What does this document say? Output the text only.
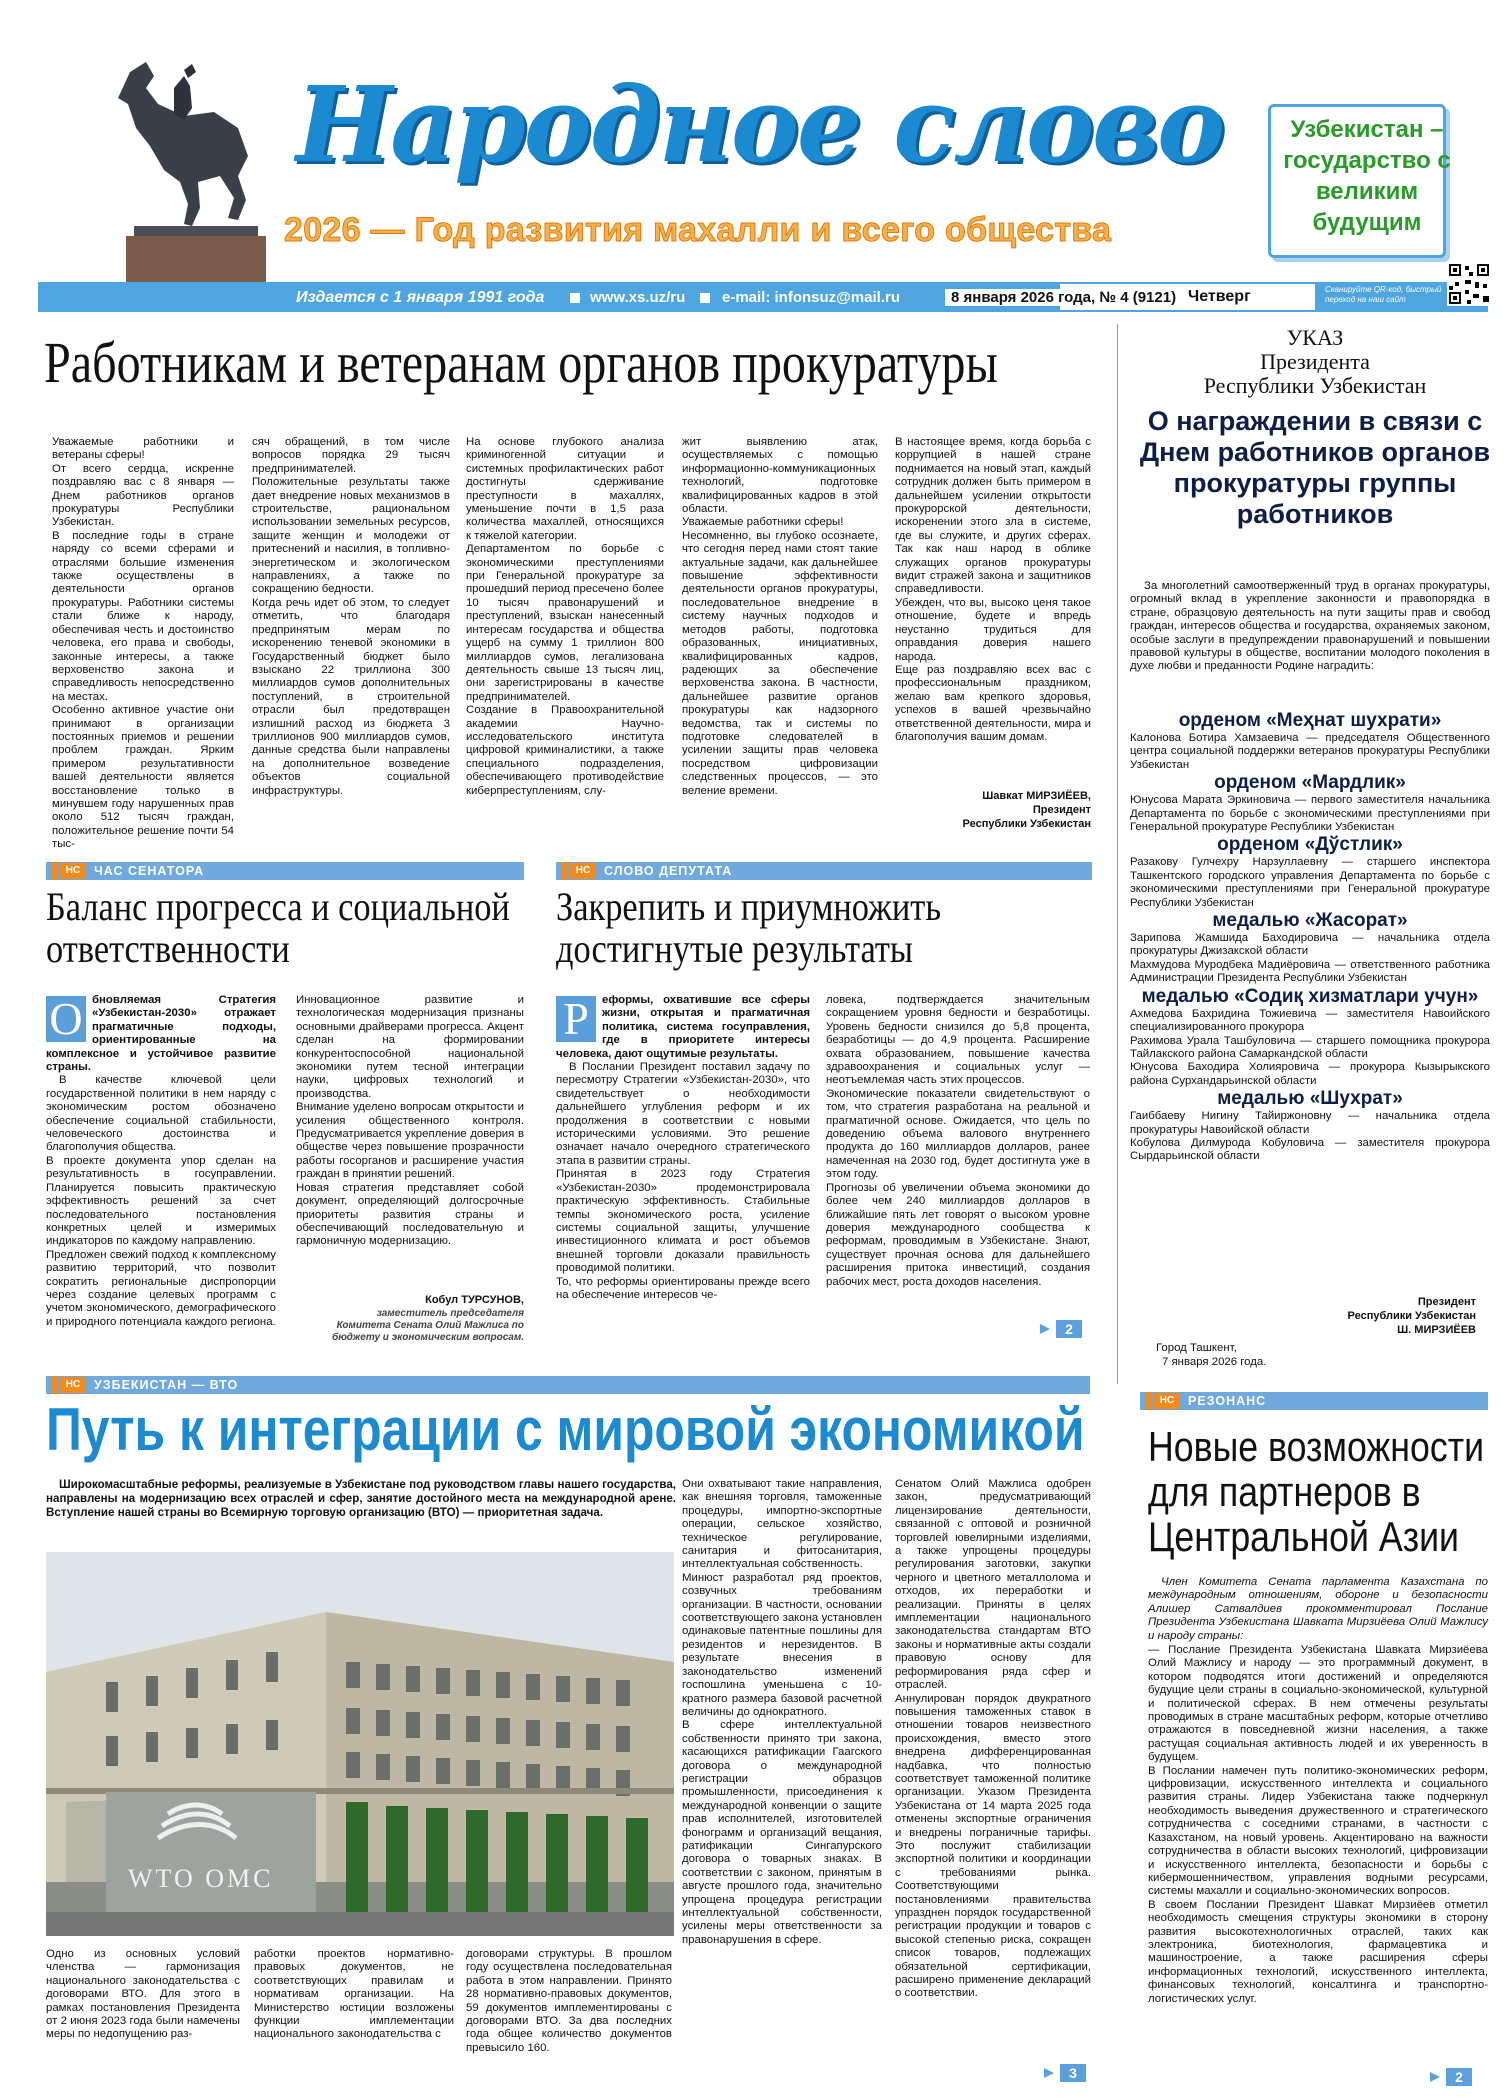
Народное слово
2026 — Год развития махалли и всего общества
Узбекистан – государство с великим будущим
Издается с 1 января 1991 года	www.xs.uz/ru e-mail: infonsuz@mail.ru	8 января 2026 года, № 4 (9121) Четверг	Сканируйте QR-код, быстрый переход на наш сайт
Работникам и ветеранам органов прокуратуры
Уважаемые работники и ветераны сферы!
От всего сердца, искренне поздравляю вас с 8 января — Днем работников органов прокуратуры Республики Узбекистан.
В последние годы в стране наряду со всеми сферами и отраслями большие изменения также осуществлены в деятельности органов прокуратуры. Работники системы стали ближе к народу, обеспечивая честь и достоинство человека, его права и свободы, законные интересы, а также верховенство закона и справедливость непосредственно на местах.
Особенно активное участие они принимают в организации постоянных приемов и решении проблем граждан. Ярким примером результативности вашей деятельности является восстановление только в минувшем году нарушенных прав около 512 тысяч граждан, положительное решение почти 54 тыс-
сяч обращений, в том числе вопросов порядка 29 тысяч предпринимателей.
Положительные результаты также дает внедрение новых механизмов в строительстве, рациональном использовании земельных ресурсов, защите женщин и молодежи от притеснений и насилия, в топливно-энергетическом и экологическом направлениях, а также по сокращению бедности.
Когда речь идет об этом, то следует отметить, что благодаря предпринятым мерам по искоренению теневой экономики в Государственный бюджет было взыскано 22 триллиона 300 миллиардов сумов дополнительных поступлений, в строительной отрасли был предотвращен излишний расход из бюджета 3 триллионов 900 миллиардов сумов, данные средства были направлены на дополнительное возведение объектов социальной инфраструктуры.
На основе глубокого анализа криминогенной ситуации и системных профилактических работ достигнуты сдерживание преступности в махаллях, уменьшение почти в 1,5 раза количества махаллей, относящихся к тяжелой категории.
Департаментом по борьбе с экономическими преступлениями при Генеральной прокуратуре за прошедший период пресечено более 10 тысяч правонарушений и преступлений, взыскан нанесенный интересам государства и общества ущерб на сумму 1 триллион 800 миллиардов сумов, легализована деятельность свыше 13 тысяч лиц, они зарегистрированы в качестве предпринимателей.
Создание в Правоохранительной академии Научно-исследовательского института цифровой криминалистики, а также специального подразделения, обеспечивающего противодействие киберпреступлениям, слу-
жит выявлению атак, осуществляемых с помощью информационно-коммуникационных технологий, подготовке квалифицированных кадров в этой области.
Уважаемые работники сферы!
Несомненно, вы глубоко осознаете, что сегодня перед нами стоят такие актуальные задачи, как дальнейшее повышение эффективности деятельности органов прокуратуры, последовательное внедрение в систему научных подходов и методов работы, подготовка образованных, инициативных, квалифицированных кадров, радеющих за обеспечение верховенства закона. В частности, дальнейшее развитие органов прокуратуры как надзорного ведомства, так и системы по подготовке следователей в усилении защиты прав человека посредством цифровизации следственных процессов, — это веление времени.
В настоящее время, когда борьба с коррупцией в нашей стране поднимается на новый этап, каждый сотрудник должен быть примером в дальнейшем усилении открытости прокурорской деятельности, искоренении этого зла в системе, где вы служите, и других сферах. Так как наш народ в облике служащих органов прокуратуры видит стражей закона и защитников справедливости.
Убежден, что вы, высоко ценя такое отношение, будете и впредь неустанно трудиться для оправдания доверия нашего народа.
Еще раз поздравляю всех вас с профессиональным праздником, желаю вам крепкого здоровья, успехов в вашей чрезвычайно ответственной деятельности, мира и благополучия вашим домам.
Шавкат МИРЗИЁЕВ,
Президент
Республики Узбекистан
НС	ЧАС СЕНАТОРА
Баланс прогресса и социальной ответственности
О бновляемая Стратегия «Узбекистан-2030» отражает прагматичные подходы, ориентированные на комплексное и устойчивое развитие страны.
В качестве ключевой цели государственной политики в нем наряду с экономическим ростом обозначено обеспечение социальной стабильности, человеческого достоинства и благополучия общества.
В проекте документа упор сделан на результативность в госуправлении. Планируется повысить практическую эффективность решений за счет последовательного постановления конкретных целей и измеримых индикаторов по каждому направлению.
Предложен свежий подход к комплексному развитию территорий, что позволит сократить региональные диспропорции через создание целевых программ с учетом экономического, демографического и природного потенциала каждого региона.
Инновационное развитие и технологическая модернизация признаны основными драйверами прогресса. Акцент сделан на формировании конкурентоспособной национальной экономики путем тесной интеграции науки, цифровых технологий и производства.
Внимание уделено вопросам открытости и усиления общественного контроля. Предусматривается укрепление доверия в обществе через повышение прозрачности работы госорганов и расширение участия граждан в принятии решений.
Новая стратегия представляет собой документ, определяющий долгосрочные приоритеты развития страны и обеспечивающий последовательную и гармоничную модернизацию.
Кобул ТУРСУНОВ,
заместитель председателя Комитета Сената Олий Мажлиса по бюджету и экономическим вопросам.
НС	СЛОВО ДЕПУТАТА
Закрепить и приумножить достигнутые результаты
Р	еформы, охватившие все сферы жизни, открытая и прагматичная политика, система госуправления, где в приоритете интересы человека, дают ощутимые результаты.
В Послании Президент поставил задачу по пересмотру Стратегии «Узбекистан-2030», что свидетельствует о необходимости дальнейшего углубления реформ и их продолжения в соответствии с новыми историческими условиями. Это решение означает начало очередного стратегического этапа в развитии страны.
Принятая в 2023 году Стратегия «Узбекистан-2030» продемонстрировала практическую эффективность. Стабильные темпы экономического роста, усиление системы социальной защиты, улучшение инвестиционного климата и рост объемов внешней торговли доказали правильность проводимой политики.
То, что реформы ориентированы прежде всего на обеспечение интересов че-
ловека, подтверждается значительным сокращением уровня бедности и безработицы. Уровень бедности снизился до 5,8 процента, безработицы — до 4,9 процента. Расширение охвата образованием, повышение качества здравоохранения и социальных услуг — неотъемлемая часть этих процессов.
Экономические показатели свидетельствуют о том, что стратегия разработана на реальной и прагматичной основе. Ожидается, что цель по доведению объема валового внутреннего продукта до 160 миллиардов долларов, ранее намеченная на 2030 год, будет достигнута уже в этом году.
Прогнозы об увеличении объема экономики до более чем 240 миллиардов долларов в ближайшие пять лет говорят о высоком уровне доверия международного сообщества к реформам, проводимым в Узбекистане. Знают, существует прочная основа для дальнейшего расширения притока инвестиций, создания рабочих мест, роста доходов населения.
2
УКАЗ
Президента
Республики Узбекистан
О награждении в связи с Днем работников органов прокуратуры группы работников
За многолетний самоотверженный труд в органах прокуратуры, огромный вклад в укрепление законности и правопорядка в стране, образцовую деятельность на пути защиты прав и свобод граждан, интересов общества и государства, охраняемых законом, особые заслуги в предупреждении правонарушений и повышении правовой культуры в обществе, воспитании молодого поколения в духе любви и преданности Родине наградить:
орденом «Меҳнат шухрати»
Калонова Ботира Хамзаевича — председателя Общественного центра социальной поддержки ветеранов прокуратуры Республики Узбекистан
орденом «Мардлик»
Юнусова Марата Эркиновича — первого заместителя начальника Департамента по борьбе с экономическими преступлениями при Генеральной прокуратуре Республики Узбекистан
орденом «Дўстлик»
Разакову Гулчехру Нарзуллаевну — старшего инспектора Ташкентского городского управления Департамента по борьбе с экономическими преступлениями при Генеральной прокуратуре Республики Узбекистан
медалью «Жасорат»
Зарипова Жамшида Баходировича — начальника отдела прокуратуры Джизакской области
Махмудова Муродбека Мадиёровича — ответственного работника Администрации Президента Республики Узбекистан
медалью «Содиқ хизматлари учун»
Ахмедова Бахридина Тожиевича — заместителя Навоийского специализированного прокурора
Рахимова Урала Ташбуловича — старшего помощника прокурора Тайлакского района Самаркандской области
Юнусова Баходира Холияровича — прокурора Кызырыкского района Сурхандарьинской области
медалью «Шухрат»
Гаиббаеву Нигину Тайиржоновну — начальника отдела прокуратуры Навоийской области
Кобулова Дилмурода Кобуловича — заместителя прокурора Сырдарьинской области
Президент
Республики Узбекистан
Ш. МИРЗИЁЕВ
Город Ташкент,
7 января 2026 года.
НС	УЗБЕКИСТАН — ВТО
Путь к интеграции с мировой экономикой
Широкомасштабные реформы, реализуемые в Узбекистане под руководством главы нашего государства, направлены на модернизацию всех отраслей и сфер, занятие достойного места на международной арене. Вступление нашей страны во Всемирную торговую организацию (ВТО) — приоритетная задача.
WTO OMC
Одно из основных условий членства — гармонизация национального законодательства с договорами ВТО. Для этого в рамках постановления Президента от 2 июня 2023 года были намечены меры по недопущению раз-
работки проектов нормативно-правовых документов, не соответствующих правилам и нормативам организации. На Министерство юстиции возложены функции имплементации национального законодательства с
договорами структуры. В прошлом году осуществлена последовательная работа в этом направлении. Принято 28 нормативно-правовых документов, 59 документов имплементированы с договорами ВТО. За два последних года общее количество документов превысило 160.
Они охватывают такие направления, как внешняя торговля, таможенные процедуры, импортно-экспортные операции, сельское хозяйство, техническое регулирование, санитария и фитосанитария, интеллектуальная собственность.
Минюст разработал ряд проектов, созвучных требованиям организации. В частности, основании соответствующего закона установлен одинаковые патентные пошлины для резидентов и нерезидентов. В результате внесения в законодательство изменений госпошлина уменьшена с 10-кратного размера базовой расчетной величины до однократного.
В сфере интеллектуальной собственности принято три закона, касающихся ратификации Гаагского договора о международной регистрации образцов промышленности, присоединения к международной конвенции о защите прав исполнителей, изготовителей фонограмм и организаций вещания, ратификации Сингапурского договора о товарных знаках. В соответствии с законом, принятым в августе прошлого года, значительно упрощена процедура регистрации интеллектуальной собственности, усилены меры ответственности за правонарушения в сфере.
Сенатом Олий Мажлиса одобрен закон, предусматривающий лицензирование деятельности, связанной с оптовой и розничной торговлей ювелирными изделиями, а также упрощены процедуры регулирования заготовки, закупки черного и цветного металлолома и отходов, их переработки и реализации. Приняты в целях имплементации национального законодательства стандартам ВТО законы и нормативные акты создали правовую основу для реформирования ряда сфер и отраслей.
Аннулирован порядок двукратного повышения таможенных ставок в отношении товаров неизвестного происхождения, вместо этого внедрена дифференцированная надбавка, что полностью соответствует таможенной политике организации. Указом Президента Узбекистана от 14 марта 2025 года отменены экспортные ограничения и внедрены пограничные тарифы. Это послужит стабилизации экспортной политики и координации с требованиями рынка. Соответствующими постановлениями правительства упразднен порядок государственной регистрации продукции и товаров с высокой степенью риска, сокращен список товаров, подлежащих обязательной сертификации, расширено применение деклараций о соответствии.
3
НС	РЕЗОНАНС
Новые возможности для партнеров в Центральной Азии
Член Комитета Сената парламента Казахстана по международным отношениям, обороне и безопасности Алишер Сатвалдиев прокомментировал Послание Президента Узбекистана Шавката Мирзиёева Олий Мажлису и народу страны:
— Послание Президента Узбекистана Шавката Мирзиёева Олий Мажлису и народу — это программный документ, в котором подводятся итоги достижений и определяются будущие цели страны в социально-экономической, культурной и политической сферах. В нем отмечены результаты проводимых в стране масштабных реформ, которые отчетливо отражаются в повседневной жизни населения, а также растущая социальная активность людей и их уверенность в будущем.
В Послании намечен путь политико-экономических реформ, цифровизации, искусственного интеллекта и социального развития страны. Лидер Узбекистана также подчеркнул необходимость выведения дружественного и стратегического сотрудничества с соседними странами, в частности с Казахстаном, на новый уровень. Акцентировано на важности сотрудничества в области высоких технологий, цифровизации и искусственного интеллекта, безопасности и борьбы с кибермошенничеством, управления водными ресурсами, системы махалли и социально-экономических вопросов.
В своем Послании Президент Шавкат Мирзиёев отметил необходимость смещения структуры экономики в сторону развития высокотехнологичных отраслей, таких как электроника, биотехнология, фармацевтика и машиностроение, а также расширения сферы информационных технологий, искусственного интеллекта, финансовых технологий, консалтинга и транспортно-логистических услуг.
2
